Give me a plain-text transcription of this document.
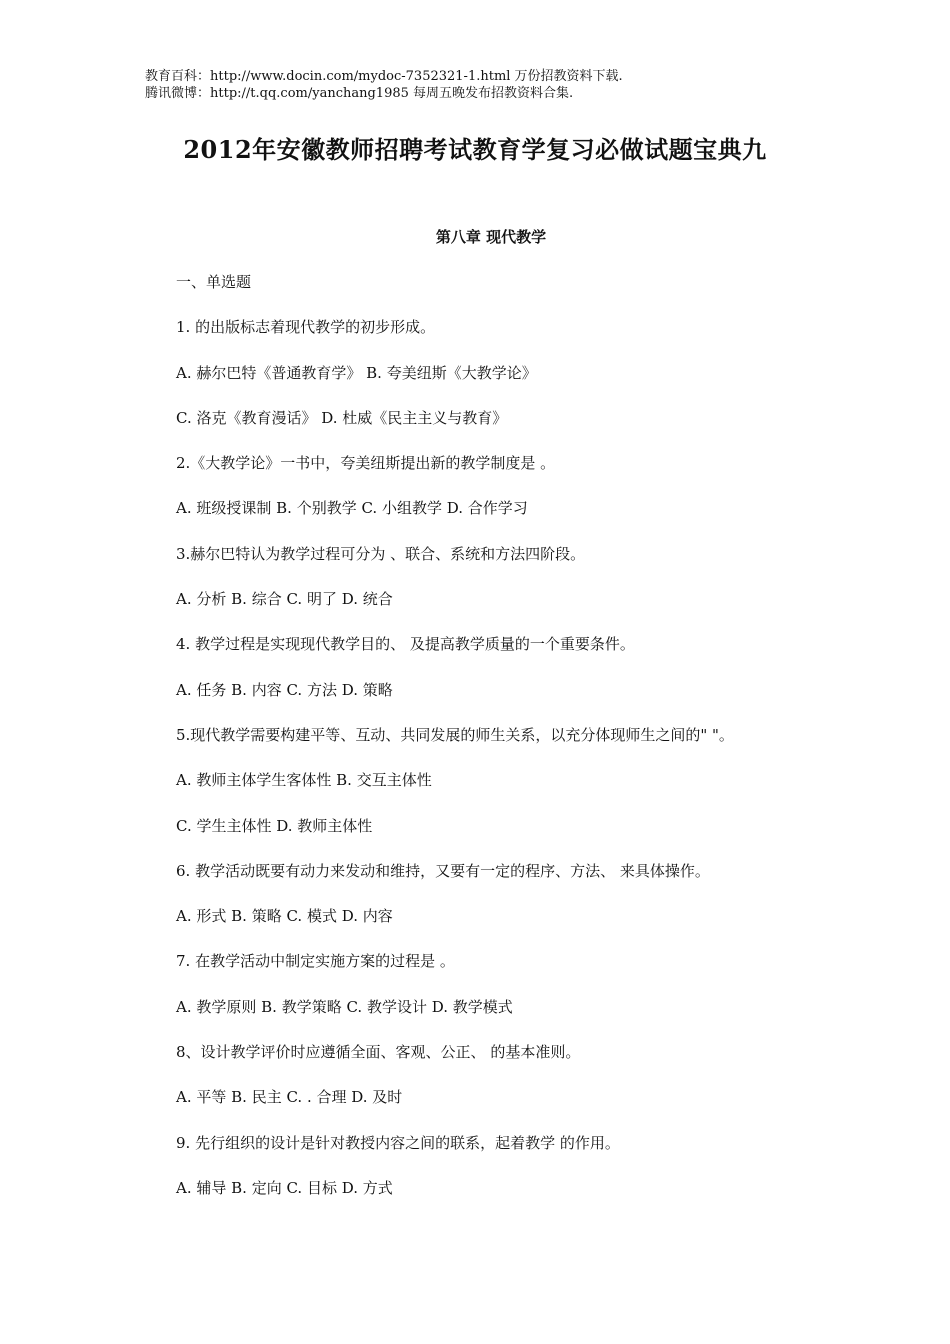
教育百科：http://www.docin.com/mydoc-7352321-1.html 万份招教资料下载.
腾讯微博：http://t.qq.com/yanchang1985 每周五晚发布招教资料合集.
2012年安徽教师招聘考试教育学复习必做试题宝典九
第八章 现代教学
一、单选题
1. 的出版标志着现代教学的初步形成。
A. 赫尔巴特《普通教育学》 B. 夸美纽斯《大教学论》
C. 洛克《教育漫话》 D. 杜威《民主主义与教育》
2.《大教学论》一书中，夸美纽斯提出新的教学制度是 。
A. 班级授课制 B. 个别教学 C. 小组教学 D. 合作学习
3.赫尔巴特认为教学过程可分为 、联合、系统和方法四阶段。
A. 分析 B. 综合 C. 明了 D. 统合
4. 教学过程是实现现代教学目的、 及提高教学质量的一个重要条件。
A. 任务 B. 内容 C. 方法 D. 策略
5.现代教学需要构建平等、互动、共同发展的师生关系，以充分体现师生之间的" "。
A. 教师主体学生客体性 B. 交互主体性
C. 学生主体性 D. 教师主体性
6. 教学活动既要有动力来发动和维持，又要有一定的程序、方法、 来具体操作。
A. 形式 B. 策略 C. 模式 D. 内容
7. 在教学活动中制定实施方案的过程是 。
A. 教学原则 B. 教学策略 C. 教学设计 D. 教学模式
8、设计教学评价时应遵循全面、客观、公正、 的基本准则。
A. 平等 B. 民主 C. . 合理 D. 及时
9. 先行组织的设计是针对教授内容之间的联系，起着教学 的作用。
A. 辅导 B. 定向 C. 目标 D. 方式
